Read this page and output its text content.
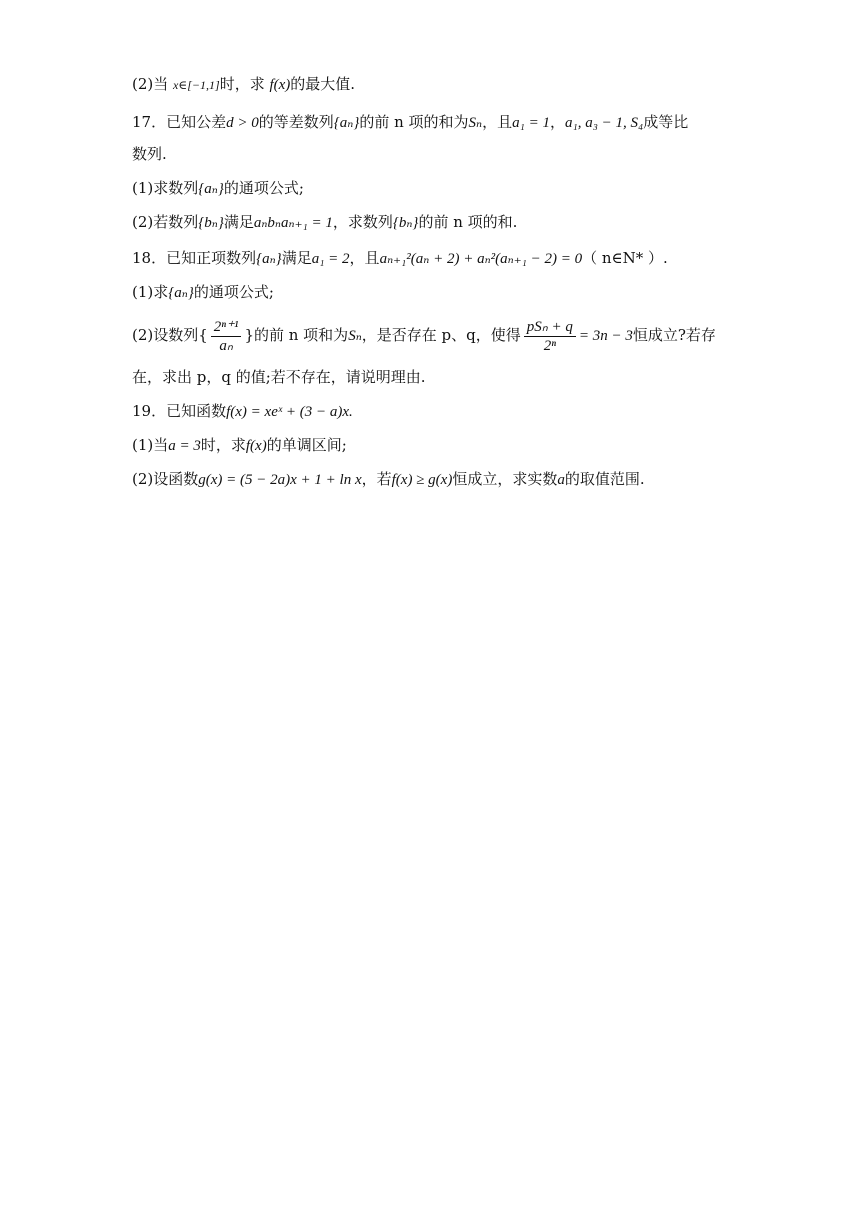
(2)当 x∈[−1,1]时，求 f(x)的最大值.
17．已知公差d > 0的等差数列{aₙ}的前 n 项的和为Sₙ，且a₁ = 1，a₁, a₃ − 1, S₄成等比
数列.
(1)求数列{aₙ}的通项公式;
(2)若数列{bₙ}满足aₙbₙaₙ₊₁ = 1，求数列{bₙ}的前 n 项的和.
18．已知正项数列{aₙ}满足a₁ = 2，且aₙ₊₁²(aₙ + 2) + aₙ²(aₙ₊₁ − 2) = 0（ n∈N* ）.
(1)求{aₙ}的通项公式;
(2)设数列{ $\frac{\text{2ⁿ⁺¹}}{\text{aₙ}}$ }的前 n 项和为Sₙ，是否存在 p、q，使得 $\frac{\text{pSₙ + q}}{\text{2ⁿ}} = 3n - 3$恒成立?若存
在，求出 p，q 的值;若不存在，请说明理由.
19．已知函数f(x) = xeˣ + (3 − a)x.
(1)当a = 3时，求f(x)的单调区间;
(2)设函数g(x) = (5 − 2a)x + 1 + ln x，若f(x) ≥ g(x)恒成立，求实数a的取值范围.
